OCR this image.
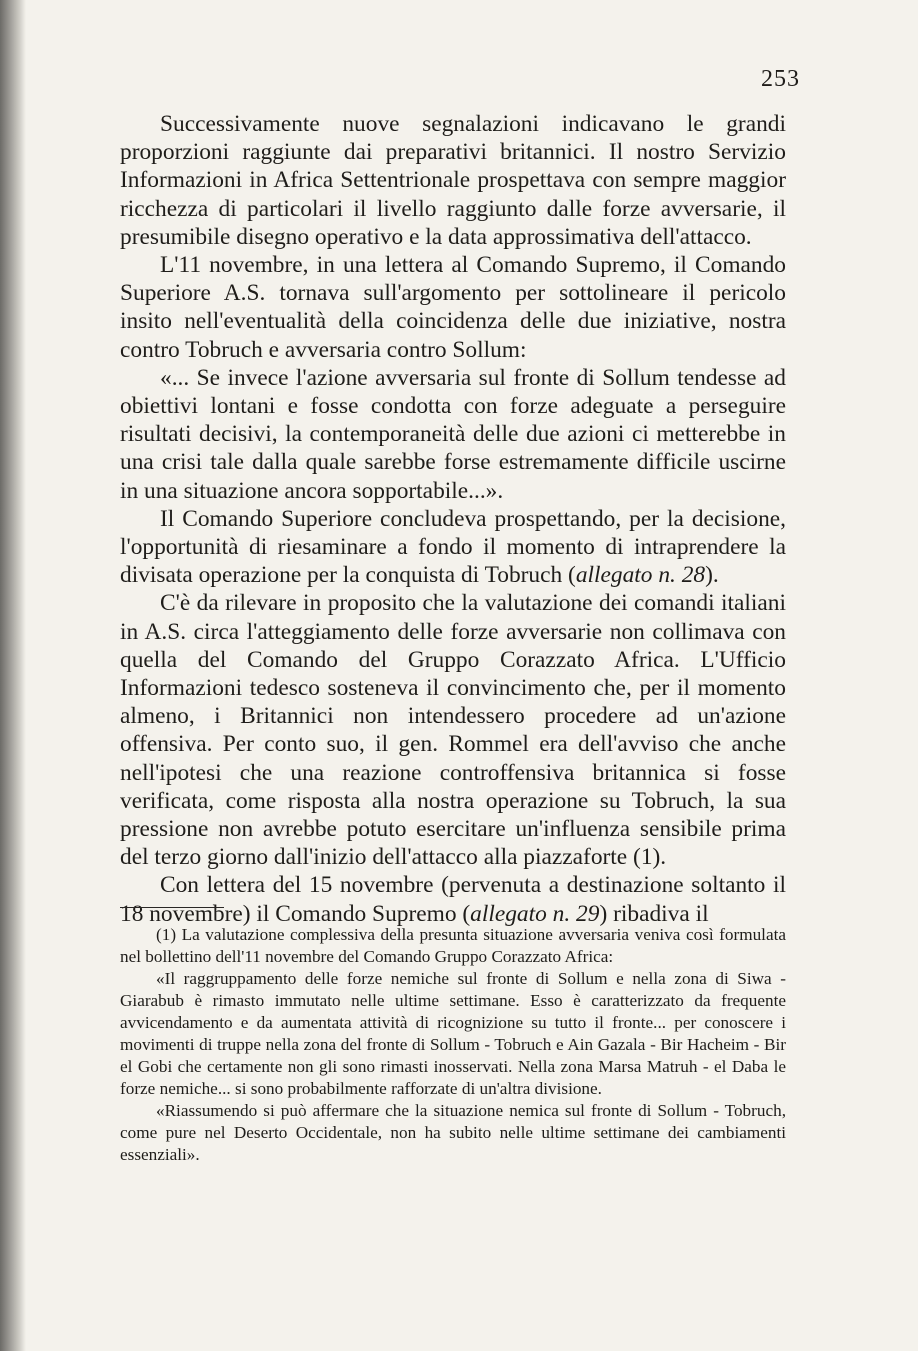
253

Successivamente nuove segnalazioni indicavano le grandi proporzioni raggiunte dai preparativi britannici. Il nostro Servizio Informazioni in Africa Settentrionale prospettava con sempre maggior ricchezza di particolari il livello raggiunto dalle forze avversarie, il presumibile disegno operativo e la data approssimativa dell'attacco.

L'11 novembre, in una lettera al Comando Supremo, il Comando Superiore A.S. tornava sull'argomento per sottolineare il pericolo insito nell'eventualità della coincidenza delle due iniziative, nostra contro Tobruch e avversaria contro Sollum:

«... Se invece l'azione avversaria sul fronte di Sollum tendesse ad obiettivi lontani e fosse condotta con forze adeguate a perseguire risultati decisivi, la contemporaneità delle due azioni ci metterebbe in una crisi tale dalla quale sarebbe forse estremamente difficile uscirne in una situazione ancora sopportabile...».

Il Comando Superiore concludeva prospettando, per la decisione, l'opportunità di riesaminare a fondo il momento di intraprendere la divisata operazione per la conquista di Tobruch (allegato n. 28).

C'è da rilevare in proposito che la valutazione dei comandi italiani in A.S. circa l'atteggiamento delle forze avversarie non collimava con quella del Comando del Gruppo Corazzato Africa. L'Ufficio Informazioni tedesco sosteneva il convincimento che, per il momento almeno, i Britannici non intendessero procedere ad un'azione offensiva. Per conto suo, il gen. Rommel era dell'avviso che anche nell'ipotesi che una reazione controffensiva britannica si fosse verificata, come risposta alla nostra operazione su Tobruch, la sua pressione non avrebbe potuto esercitare un'influenza sensibile prima del terzo giorno dall'inizio dell'attacco alla piazzaforte (1).

Con lettera del 15 novembre (pervenuta a destinazione soltanto il 18 novembre) il Comando Supremo (allegato n. 29) ribadiva il

(1) La valutazione complessiva della presunta situazione avversaria veniva così formulata nel bollettino dell'11 novembre del Comando Gruppo Corazzato Africa:

«Il raggruppamento delle forze nemiche sul fronte di Sollum e nella zona di Siwa - Giarabub è rimasto immutato nelle ultime settimane. Esso è caratterizzato da frequente avvicendamento e da aumentata attività di ricognizione su tutto il fronte... per conoscere i movimenti di truppe nella zona del fronte di Sollum - Tobruch e Ain Gazala - Bir Hacheim - Bir el Gobi che certamente non gli sono rimasti inosservati. Nella zona Marsa Matruh - el Daba le forze nemiche... si sono probabilmente rafforzate di un'altra divisione.

«Riassumendo si può affermare che la situazione nemica sul fronte di Sollum - Tobruch, come pure nel Deserto Occidentale, non ha subito nelle ultime settimane dei cambiamenti essenziali».
